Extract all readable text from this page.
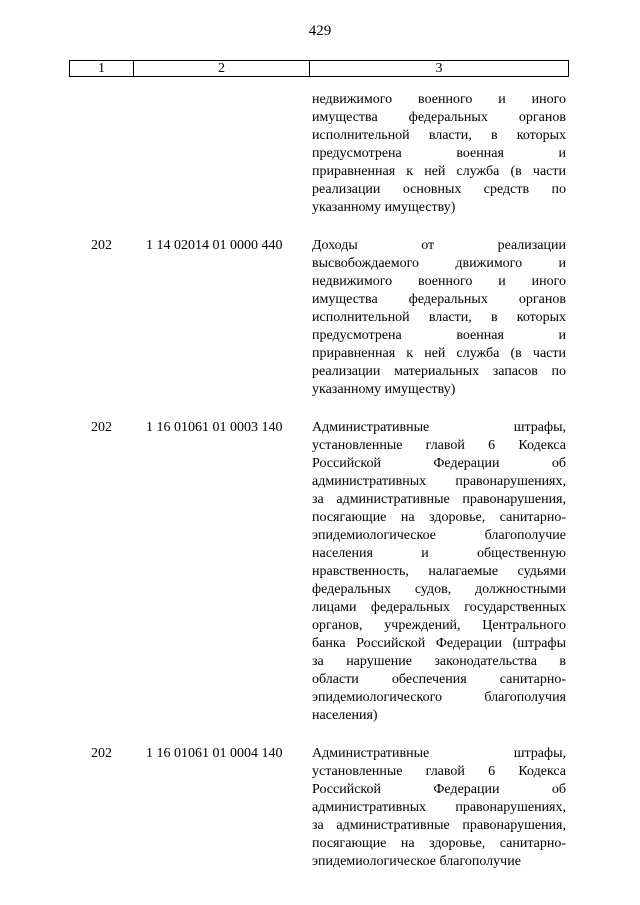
429
1	2	3
недвижимого военного и иного
имущества федеральных органов
исполнительной власти, в которых
предусмотрена военная и
приравненная к ней служба (в части
реализации основных средств по
указанному имуществу)
202	1 14 02014 01 0000 440	Доходы от реализации
высвобождаемого движимого и
недвижимого военного и иного
имущества федеральных органов
исполнительной власти, в которых
предусмотрена военная и
приравненная к ней служба (в части
реализации материальных запасов по
указанному имуществу)
202	1 16 01061 01 0003 140	Административные штрафы,
установленные главой 6 Кодекса
Российской Федерации об
административных правонарушениях,
за административные правонарушения,
посягающие на здоровье, санитарно-
эпидемиологическое благополучие
населения и общественную
нравственность, налагаемые судьями
федеральных судов, должностными
лицами федеральных государственных
органов, учреждений, Центрального
банка Российской Федерации (штрафы
за нарушение законодательства в
области обеспечения санитарно-
эпидемиологического благополучия
населения)
202	1 16 01061 01 0004 140	Административные штрафы,
установленные главой 6 Кодекса
Российской Федерации об
административных правонарушениях,
за административные правонарушения,
посягающие на здоровье, санитарно-
эпидемиологическое благополучие
